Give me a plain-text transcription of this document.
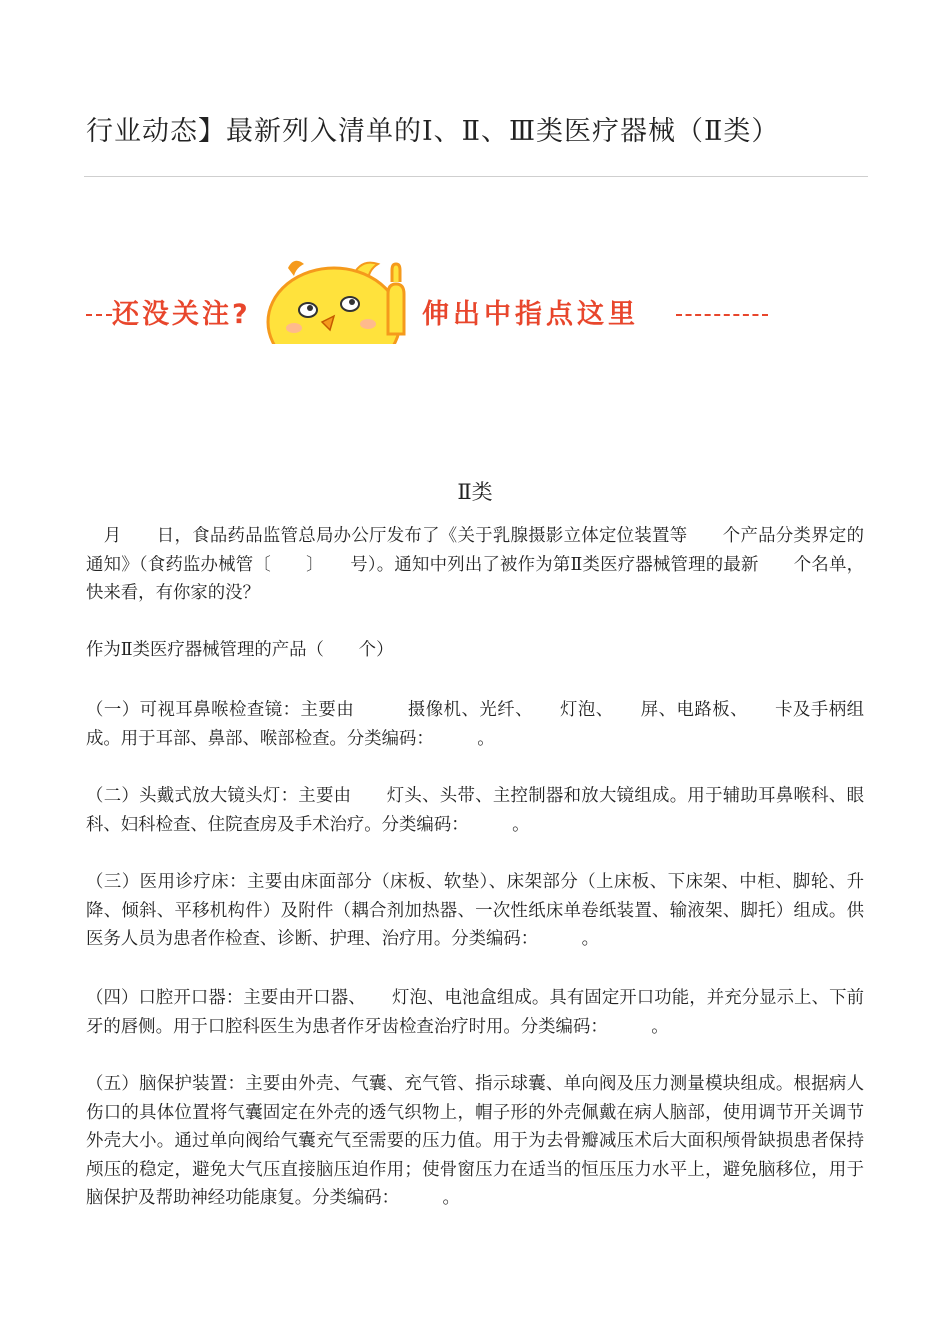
行业动态】最新列入清单的Ⅰ、Ⅱ、Ⅲ类医疗器械（Ⅱ类）
还没关注?	伸出中指点这里
Ⅱ类

　月　　日，食品药品监管总局办公厅发布了《关于乳腺摄影立体定位装置等　　个产品分类界定的通知》（食药监办械管〔　　〕　　号）。通知中列出了被作为第Ⅱ类医疗器械管理的最新　　个名单，快来看，有你家的没？

作为Ⅱ类医疗器械管理的产品（　　个）

（一）可视耳鼻喉检查镜：主要由　　　摄像机、光纤、　　灯泡、　　屏、电路板、　　卡及手柄组成。用于耳部、鼻部、喉部检查。分类编码：　　　。

（二）头戴式放大镜头灯：主要由　　灯头、头带、主控制器和放大镜组成。用于辅助耳鼻喉科、眼科、妇科检查、住院查房及手术治疗。分类编码：　　　。

（三）医用诊疗床：主要由床面部分（床板、软垫）、床架部分（上床板、下床架、中柜、脚轮、升降、倾斜、平移机构件）及附件（耦合剂加热器、一次性纸床单卷纸装置、输液架、脚托）组成。供医务人员为患者作检查、诊断、护理、治疗用。分类编码：　　　。

（四）口腔开口器：主要由开口器、　　灯泡、电池盒组成。具有固定开口功能，并充分显示上、下前牙的唇侧。用于口腔科医生为患者作牙齿检查治疗时用。分类编码：　　　。

（五）脑保护装置：主要由外壳、气囊、充气管、指示球囊、单向阀及压力测量模块组成。根据病人伤口的具体位置将气囊固定在外壳的透气织物上，帽子形的外壳佩戴在病人脑部，使用调节开关调节外壳大小。通过单向阀给气囊充气至需要的压力值。用于为去骨瓣减压术后大面积颅骨缺损患者保持颅压的稳定，避免大气压直接脑压迫作用；使骨窗压力在适当的恒压压力水平上，避免脑移位，用于脑保护及帮助神经功能康复。分类编码：　　　。
